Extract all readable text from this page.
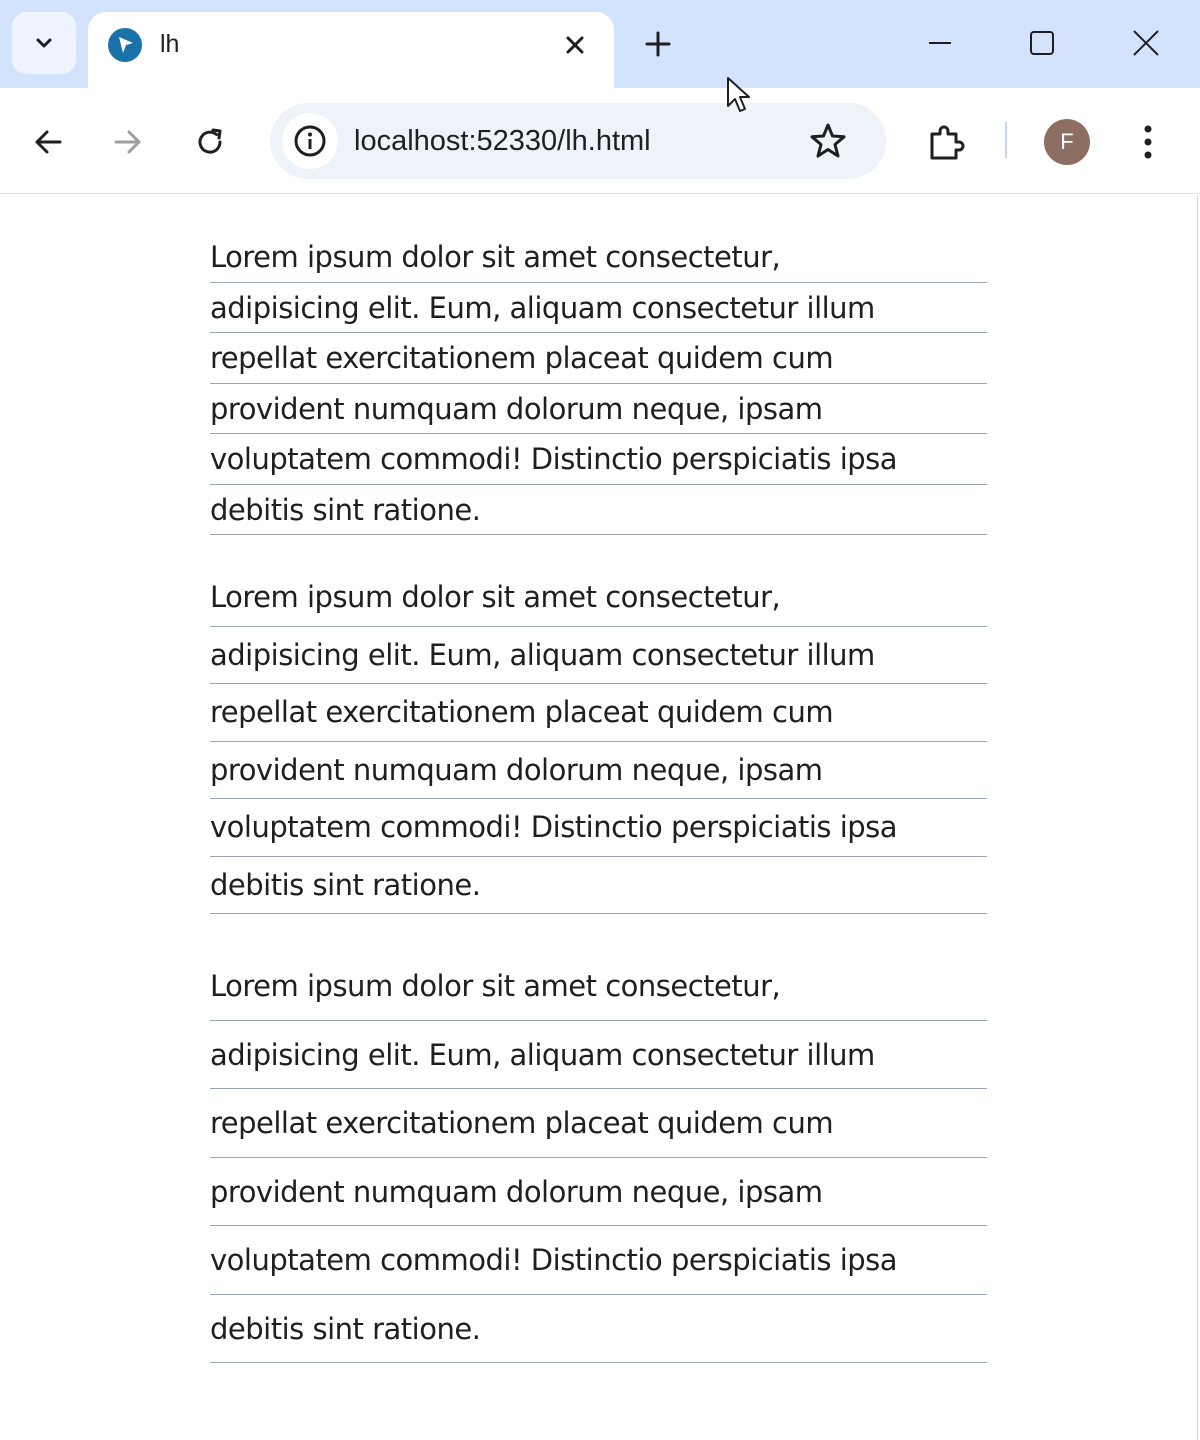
lh
localhost:52330/lh.html	F
Lorem ipsum dolor sit amet consectetur,
adipisicing elit. Eum, aliquam consectetur illum
repellat exercitationem placeat quidem cum
provident numquam dolorum neque, ipsam
voluptatem commodi! Distinctio perspiciatis ipsa
debitis sint ratione.
Lorem ipsum dolor sit amet consectetur,
adipisicing elit. Eum, aliquam consectetur illum
repellat exercitationem placeat quidem cum
provident numquam dolorum neque, ipsam
voluptatem commodi! Distinctio perspiciatis ipsa
debitis sint ratione.
Lorem ipsum dolor sit amet consectetur,
adipisicing elit. Eum, aliquam consectetur illum
repellat exercitationem placeat quidem cum
provident numquam dolorum neque, ipsam
voluptatem commodi! Distinctio perspiciatis ipsa
debitis sint ratione.
